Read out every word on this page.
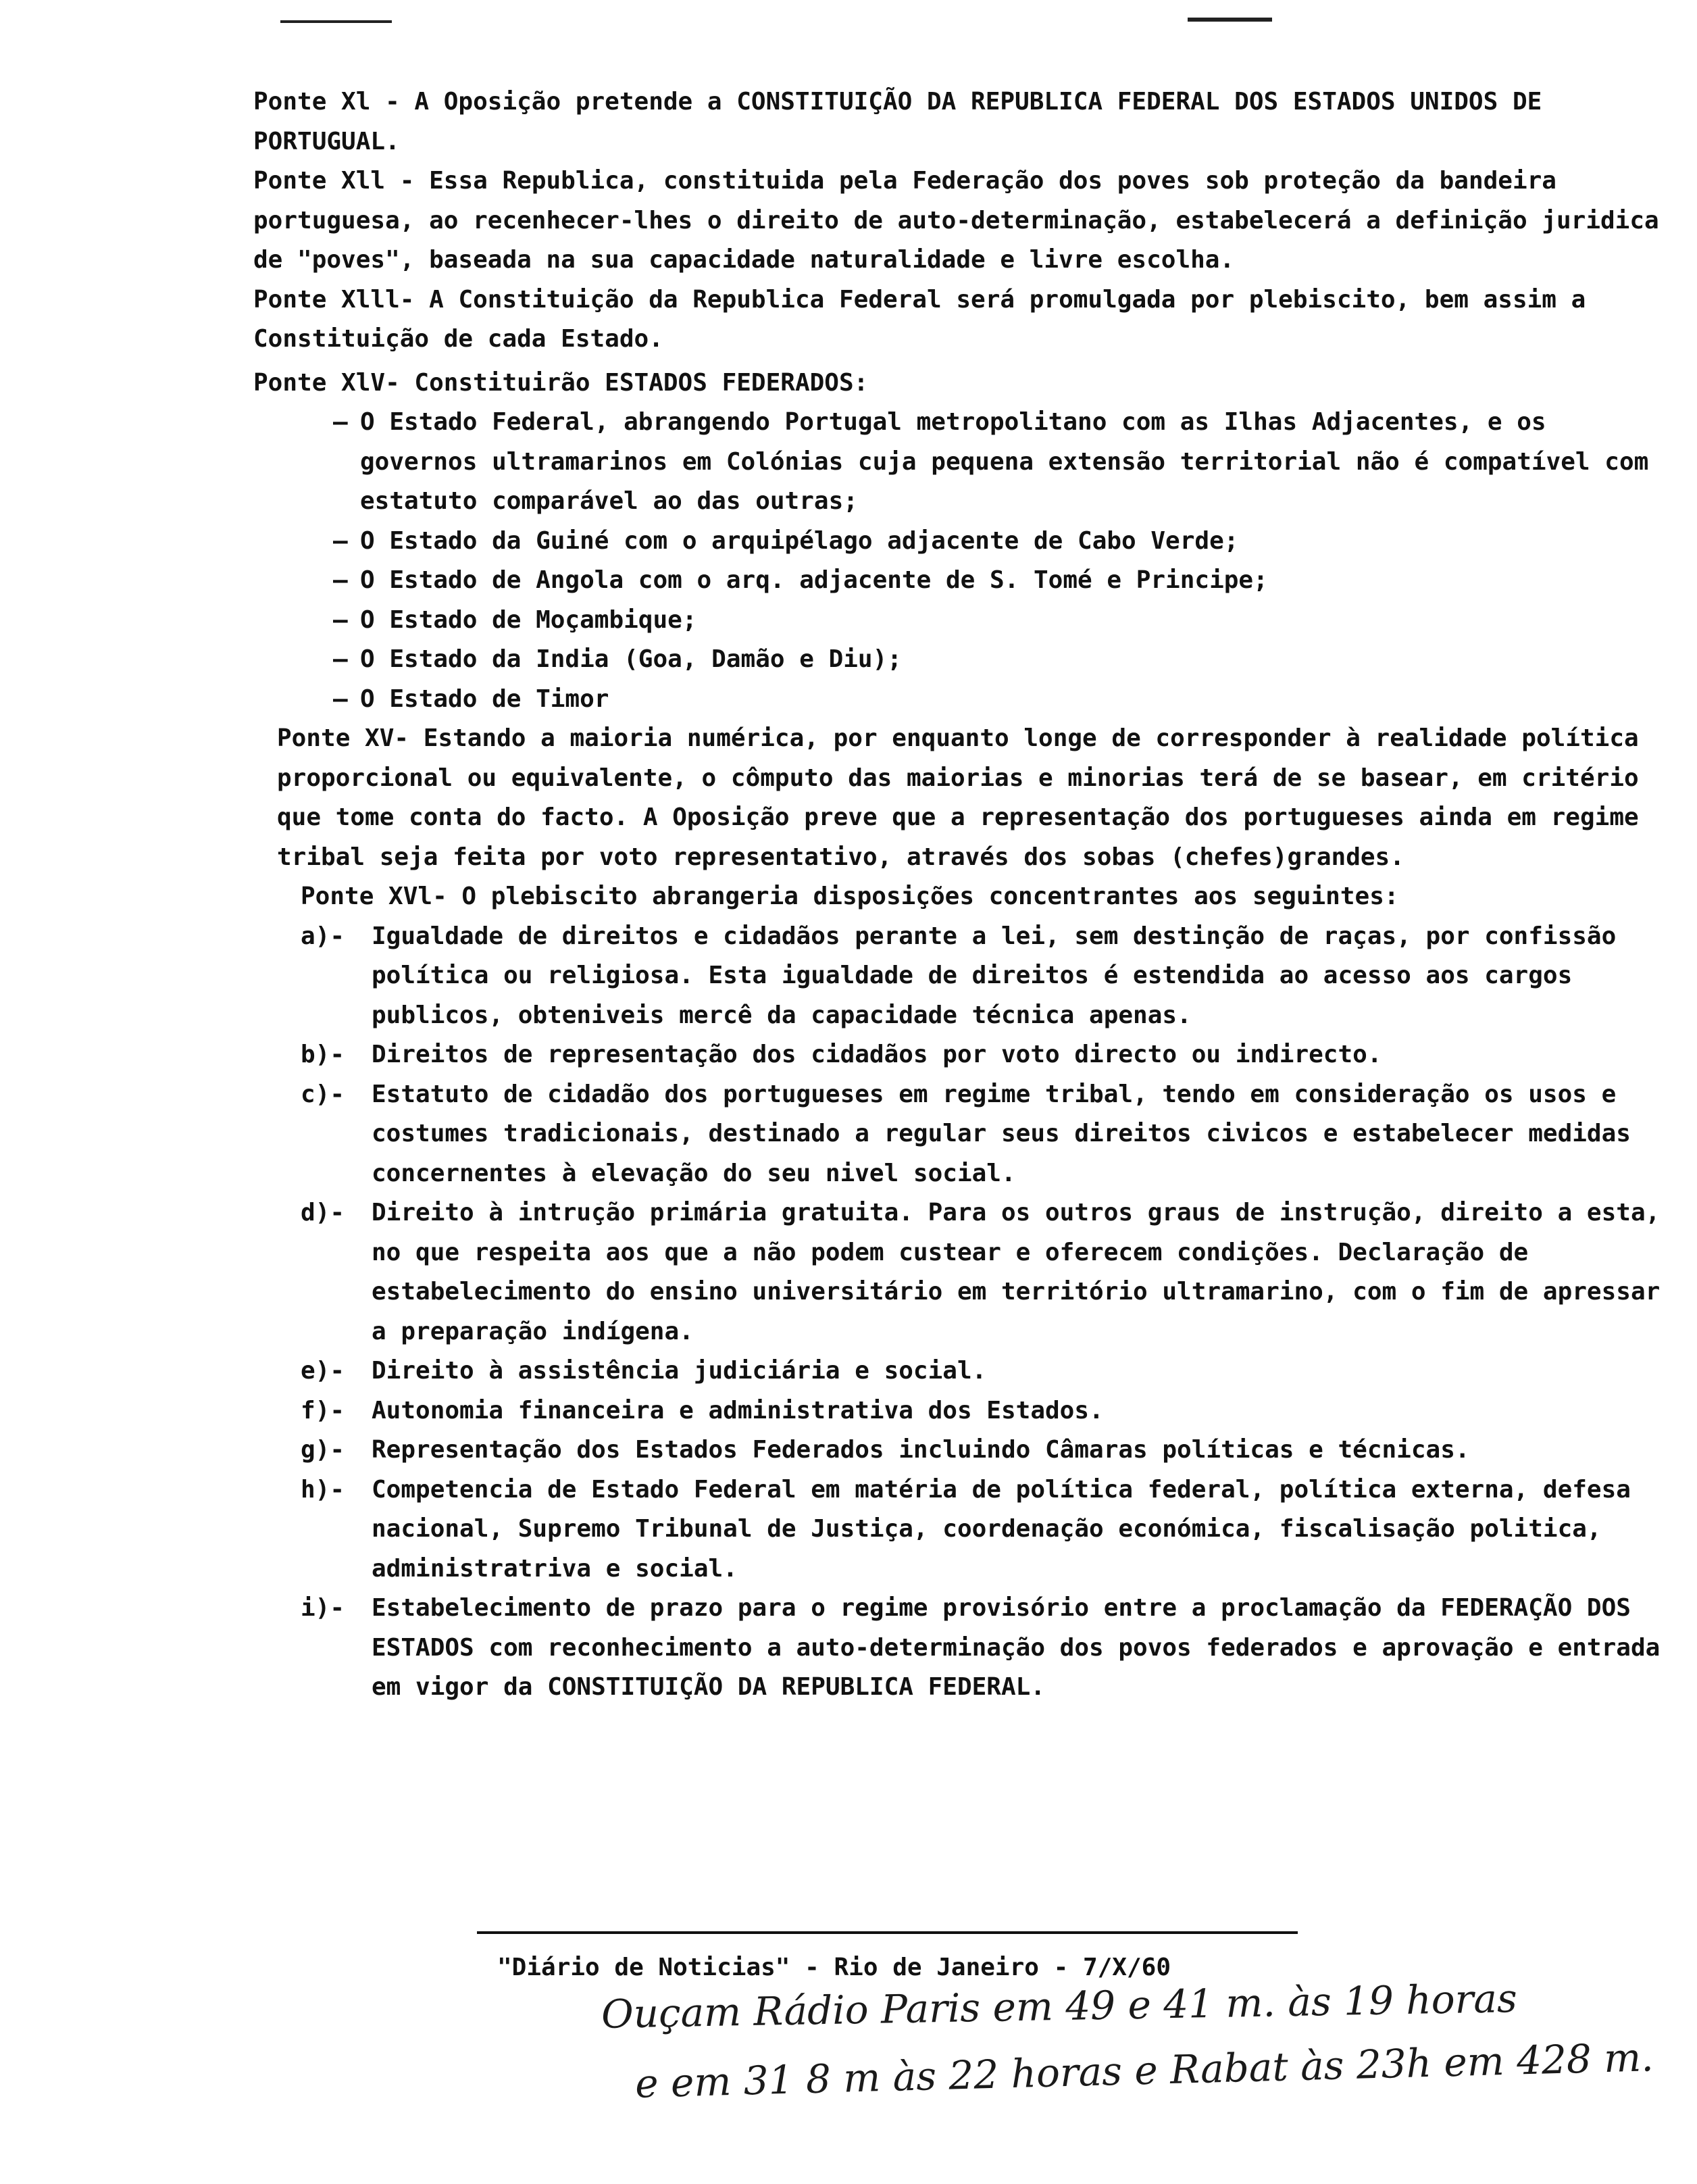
Ponte Xl - A Oposição pretende a CONSTITUIÇÃO DA REPUBLICA FEDERAL DOS ESTADOS UNIDOS DE PORTUGUAL.

Ponte Xll - Essa Republica, constituida pela Federação dos poves sob proteção da bandeira portuguesa, ao recenhecer-lhes o direito de auto-determinação, estabelecerá a definição juridica de "poves", baseada na sua capacidade naturalidade e livre escolha.

Ponte Xlll- A Constituição da Republica Federal será promulgada por plebiscito, bem assim a Constituição de cada Estado.

Ponte XlV- Constituirão ESTADOS FEDERADOS:

– O Estado Federal, abrangendo Portugal metropolitano com as Ilhas Adjacentes, e os governos ultramarinos em Colónias cuja pequena extensão territorial não é compatível com estatuto comparável ao das outras;
– O Estado da Guiné com o arquipélago adjacente de Cabo Verde;
– O Estado de Angola com o arq. adjacente de S. Tomé e Principe;
– O Estado de Moçambique;
– O Estado da India (Goa, Damão e Diu);
– O Estado de Timor

Ponte XV- Estando a maioria numérica, por enquanto longe de corresponder à realidade política proporcional ou equivalente, o cômputo das maiorias e minorias terá de se basear, em critério que tome conta do facto. A Oposição preve que a representação dos portugueses ainda em regime tribal seja feita por voto representativo, através dos sobas (chefes)grandes.

Ponte XVl- O plebiscito abrangeria disposições concentrantes aos seguintes:

a)-	Igualdade de direitos e cidadãos perante a lei, sem destinção de raças, por confissão política ou religiosa. Esta igualdade de direitos é estendida ao acesso aos cargos publicos, obteniveis mercê da capacidade técnica apenas.
b)-	Direitos de representação dos cidadãos por voto directo ou indirecto.
c)-	Estatuto de cidadão dos portugueses em regime tribal, tendo em consideração os usos e costumes tradicionais, destinado a regular seus direitos civicos e estabelecer medidas concernentes à elevação do seu nivel social.
d)-	Direito à intrução primária gratuita. Para os outros graus de instrução, direito a esta, no que respeita aos que a não podem custear e oferecem condições. Declaração de estabelecimento do ensino universitário em território ultramarino, com o fim de apressar a preparação indígena.
e)-	Direito à assistência judiciária e social.
f)-	Autonomia financeira e administrativa dos Estados.
g)-	Representação dos Estados Federados incluindo Câmaras políticas e técnicas.
h)-	Competencia de Estado Federal em matéria de política federal, política externa, defesa nacional, Supremo Tribunal de Justiça, coordenação económica, fiscalisação politica, administratriva e social.
i)-	Estabelecimento de prazo para o regime provisório entre a proclamação da FEDERAÇÃO DOS ESTADOS com reconhecimento a auto-determinação dos povos federados e aprovação e entrada em vigor da CONSTITUIÇÃO DA REPUBLICA FEDERAL.
"Diário de Noticias" - Rio de Janeiro - 7/X/60
Ouçam Rádio Paris em 49 e 41 m. às 19 horas
e em 31 8 m às 22 horas e Rabat às 23h em 428 m.
